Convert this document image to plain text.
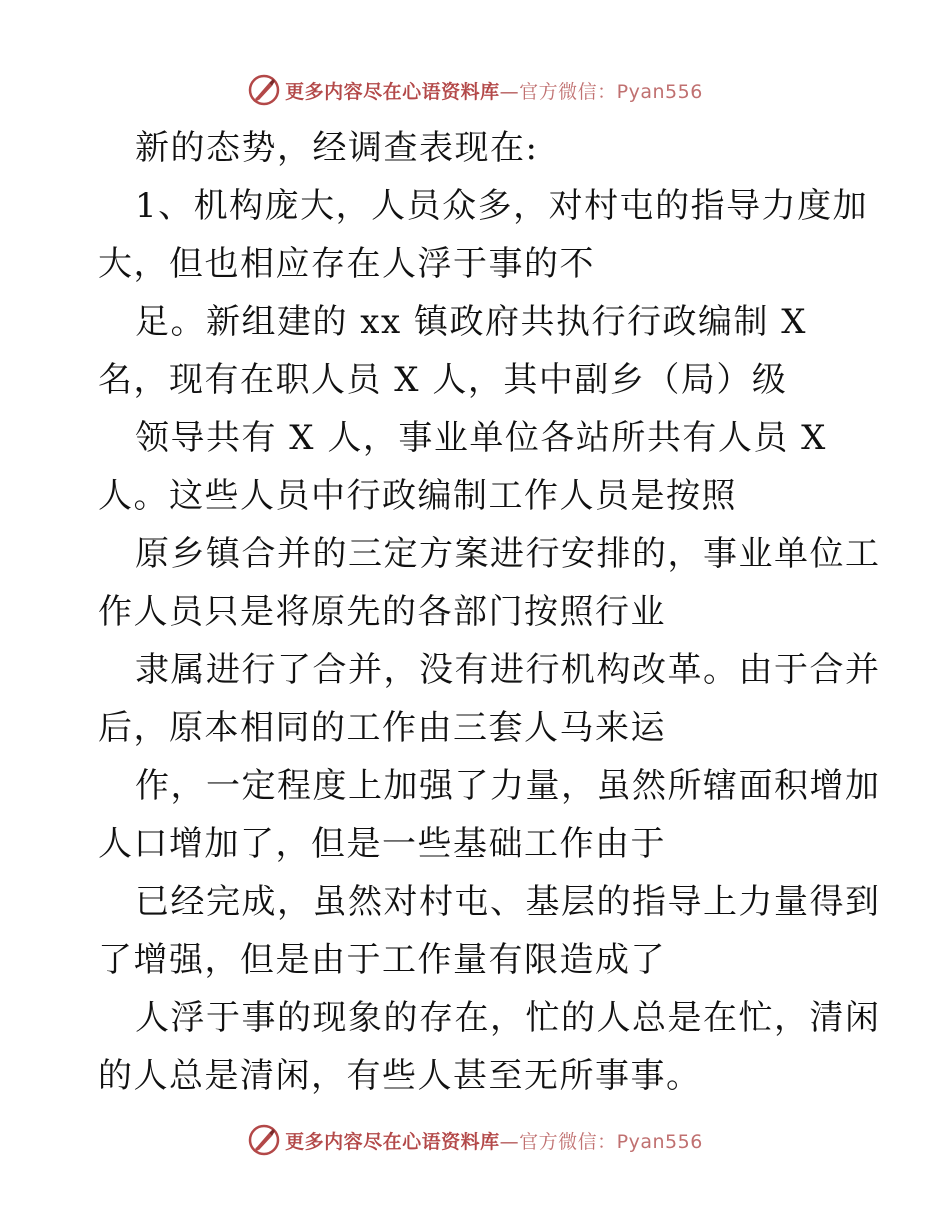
更多内容尽在心语资料库—官方微信：Pyan556
新的态势，经调查表现在:
1、机构庞大，人员众多，对村屯的指导力度加
大，但也相应存在人浮于事的不
足。新组建的 xx 镇政府共执行行政编制 X
名，现有在职人员 X 人，其中副乡（局）级
领导共有 X 人，事业单位各站所共有人员 X
人。这些人员中行政编制工作人员是按照
原乡镇合并的三定方案进行安排的，事业单位工
作人员只是将原先的各部门按照行业
隶属进行了合并，没有进行机构改革。由于合并
后，原本相同的工作由三套人马来运
作，一定程度上加强了力量，虽然所辖面积增加
人口增加了，但是一些基础工作由于
已经完成，虽然对村屯、基层的指导上力量得到
了增强，但是由于工作量有限造成了
人浮于事的现象的存在，忙的人总是在忙，清闲
的人总是清闲，有些人甚至无所事事。
更多内容尽在心语资料库—官方微信：Pyan556
